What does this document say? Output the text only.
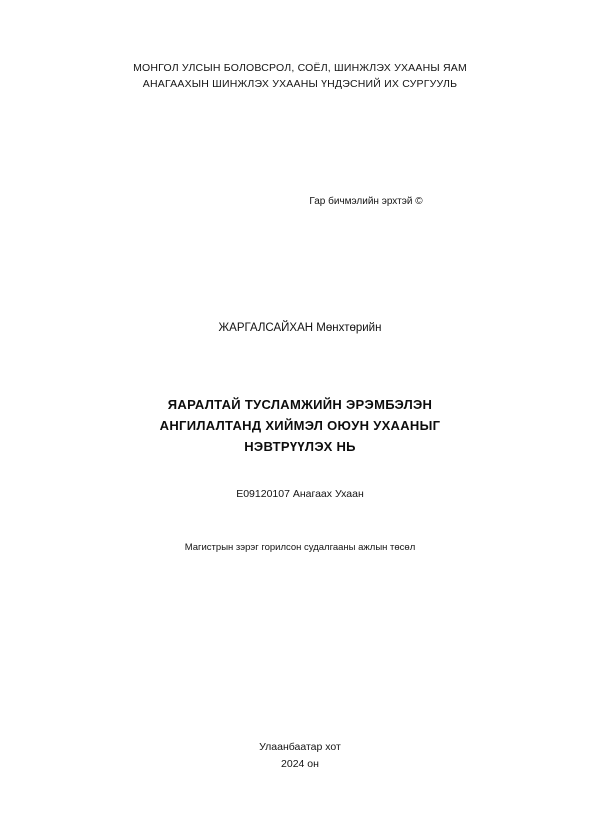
МОНГОЛ УЛСЫН БОЛОВСРОЛ, СОЁЛ, ШИНЖЛЭХ УХААНЫ ЯАМ
АНАГААХЫН ШИНЖЛЭХ УХААНЫ ҮНДЭСНИЙ ИХ СУРГУУЛЬ
Гар бичмэлийн эрхтэй ©
ЖАРГАЛСАЙХАН Мөнхтөрийн
ЯАРАЛТАЙ ТУСЛАМЖИЙН ЭРЭМБЭЛЭН
АНГИЛАЛТАНД ХИЙМЭЛ ОЮУН УХААНЫГ
НЭВТРҮҮЛЭХ НЬ
E09120107 Анагаах Ухаан
Магистрын зэрэг горилсон судалгааны ажлын төсөл
Улаанбаатар хот
2024 он
